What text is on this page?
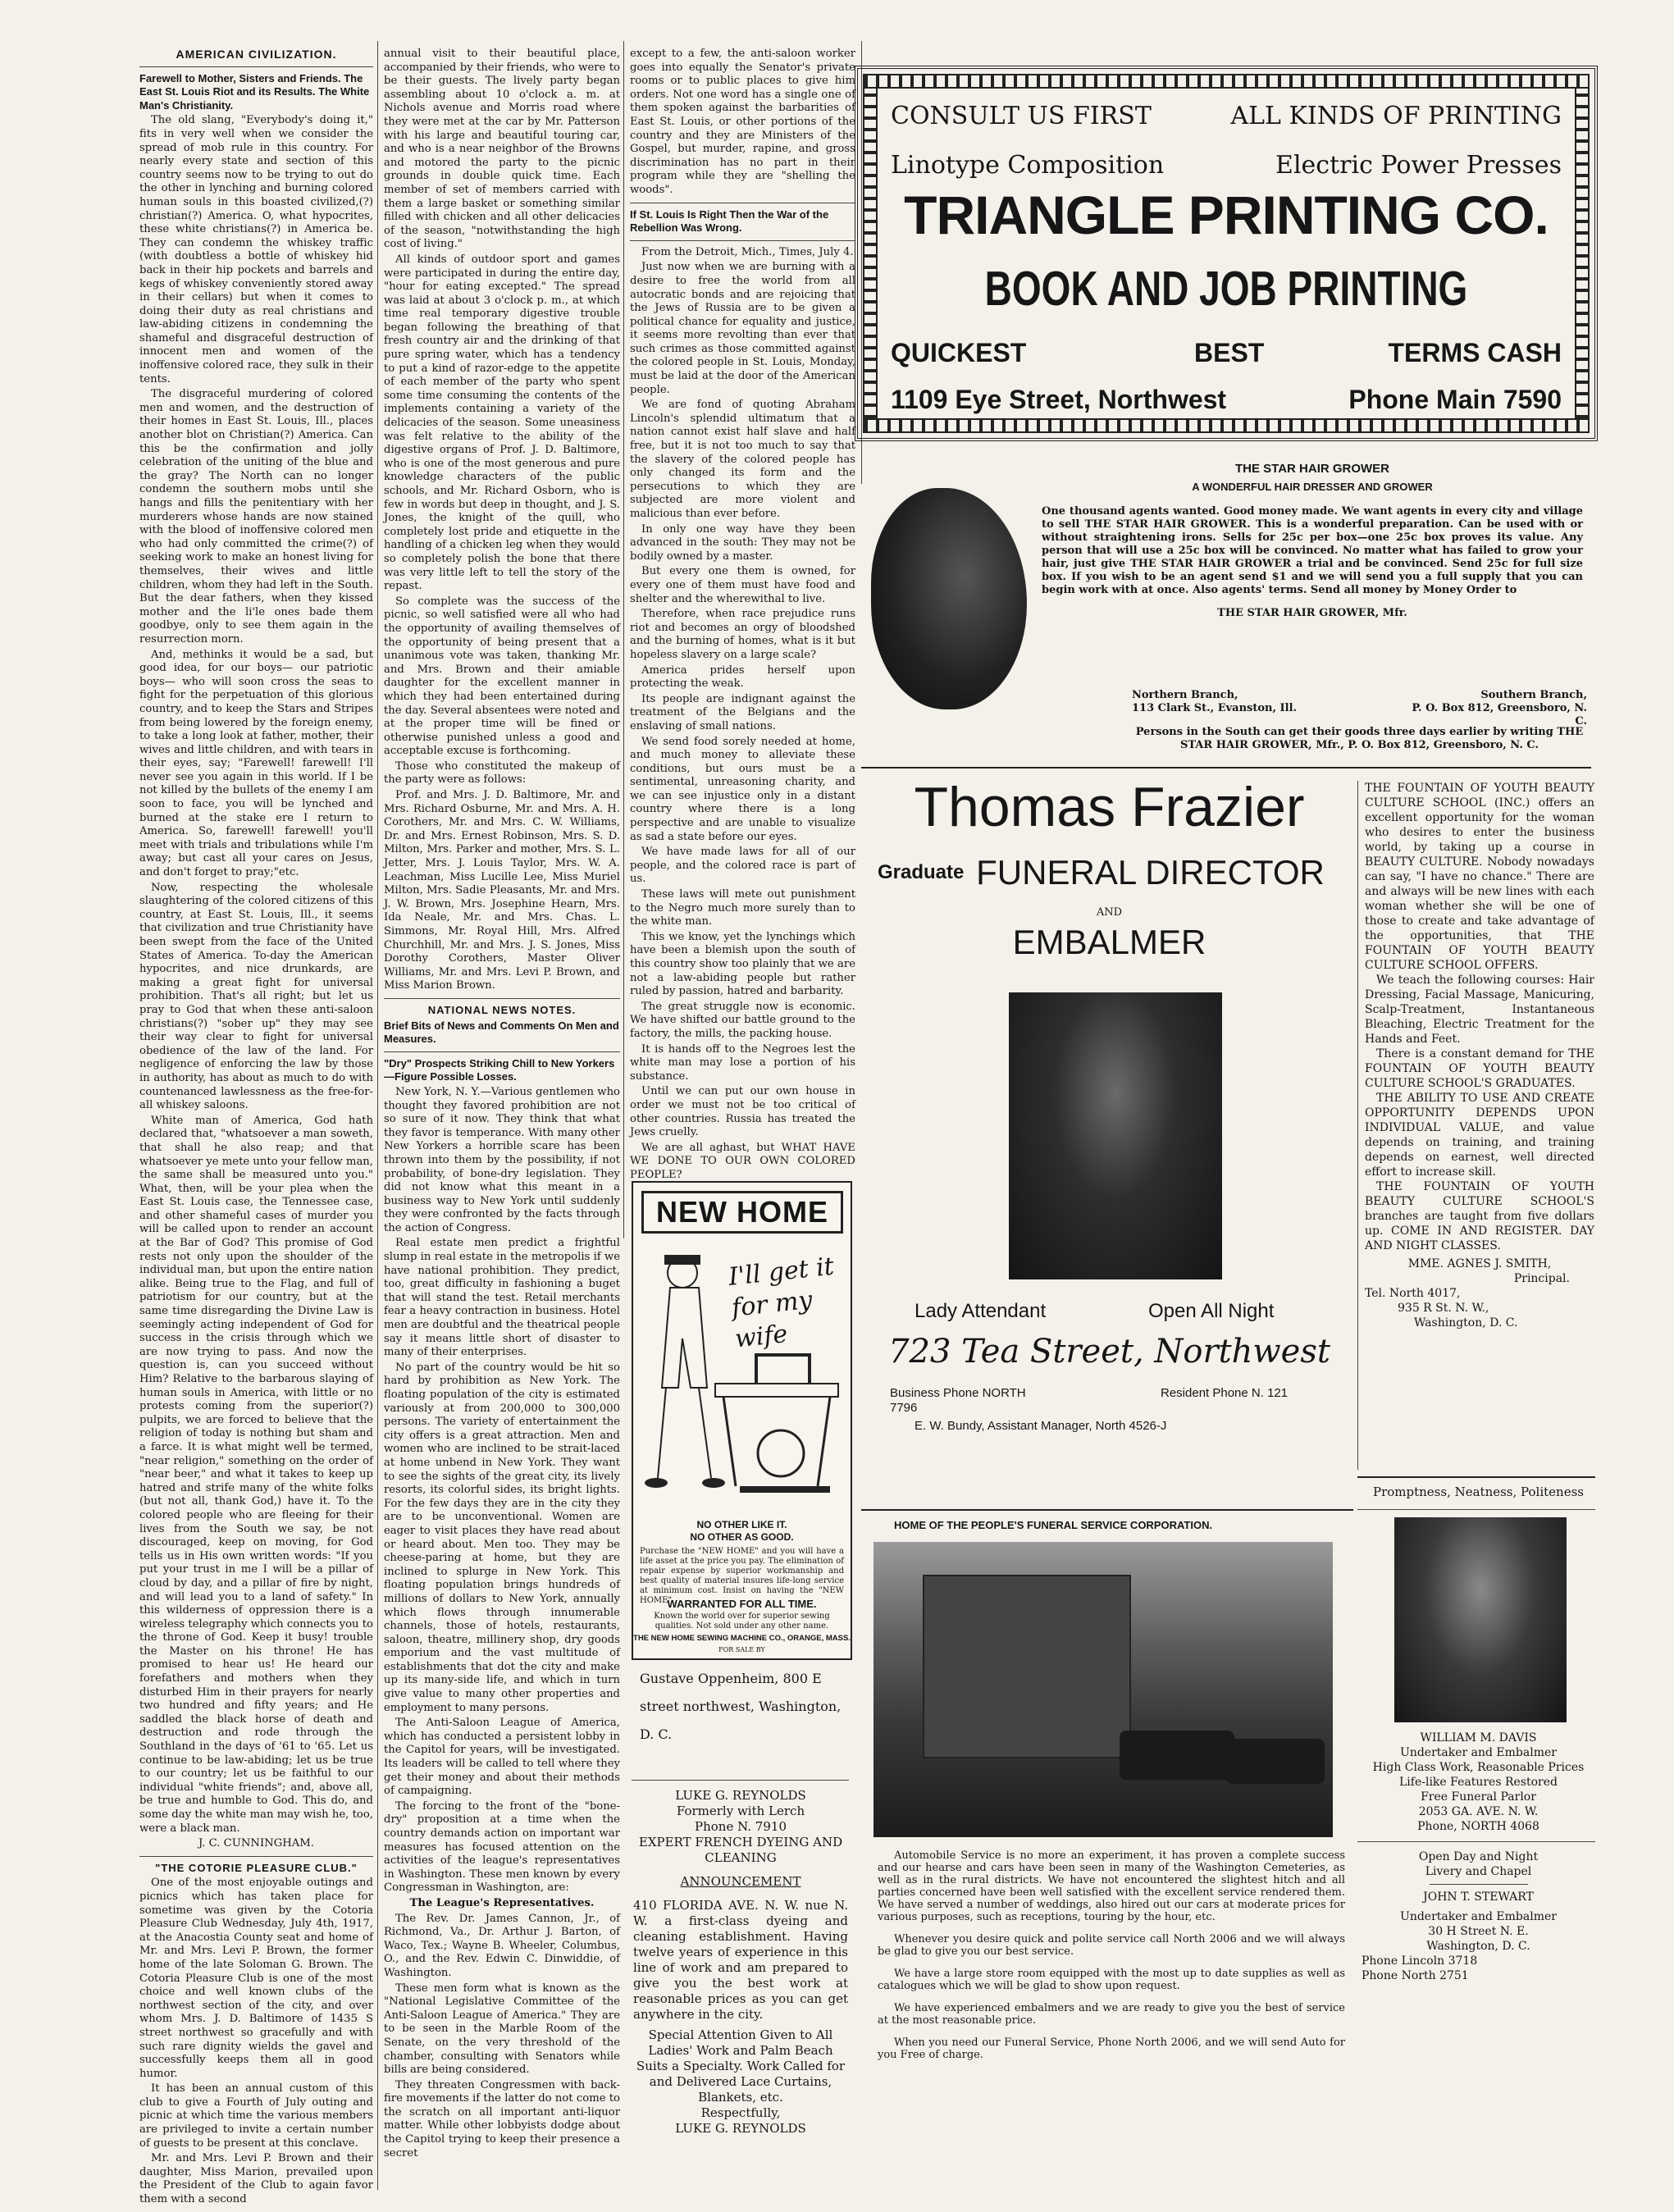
AMERICAN CIVILIZATION.

Farewell to Mother, Sisters and Friends. The East St. Louis Riot and its Results. The White Man's Christianity.

The old slang, "Everybody's doing it," fits in very well when we consider the spread of mob rule in this country. For nearly every state and section of this country seems now to be trying to out do the other in lynching and burning colored human souls in this boasted civilized,(?) christian(?) America. O, what hypocrites, these white christians(?) in America be. They can condemn the whiskey traffic (with doubtless a bottle of whiskey hid back in their hip pockets and barrels and kegs of whiskey conveniently stored away in their cellars) but when it comes to doing their duty as real christians and law-abiding citizens in condemning the shameful and disgraceful destruction of innocent men and women of the inoffensive colored race, they sulk in their tents.

The disgraceful murdering of colored men and women, and the destruction of their homes in East St. Louis, Ill., places another blot on Christian(?) America. Can this be the confirmation and jolly celebration of the uniting of the blue and the gray? The North can no longer condemn the southern mobs until she hangs and fills the penitentiary with her murderers whose hands are now stained with the blood of inoffensive colored men who had only committed the crime(?) of seeking work to make an honest living for themselves, their wives and little children, whom they had left in the South. But the dear fathers, when they kissed mother and the li'le ones bade them goodbye, only to see them again in the resurrection morn.

And, methinks it would be a sad, but good idea, for our boys— our patriotic boys— who will soon cross the seas to fight for the perpetuation of this glorious country, and to keep the Stars and Stripes from being lowered by the foreign enemy, to take a long look at father, mother, their wives and little children, and with tears in their eyes, say; "Farewell! farewell! I'll never see you again in this world. If I be not killed by the bullets of the enemy I am soon to face, you will be lynched and burned at the stake ere I return to America. So, farewell! farewell! you'll meet with trials and tribulations while I'm away; but cast all your cares on Jesus, and don't forget to pray;"etc.

Now, respecting the wholesale slaughtering of the colored citizens of this country, at East St. Louis, Ill., it seems that civilization and true Christianity have been swept from the face of the United States of America. To-day the American hypocrites, and nice drunkards, are making a great fight for universal prohibition. That's all right; but let us pray to God that when these anti-saloon christians(?) "sober up" they may see their way clear to fight for universal obedience of the law of the land. For negligence of enforcing the law by those in authority, has about as much to do with countenanced lawlessness as the free-for-all whiskey saloons.

White man of America, God hath declared that, "whatsoever a man soweth, that shall he also reap; and that whatsoever ye mete unto your fellow man, the same shall be measured unto you." What, then, will be your plea when the East St. Louis case, the Tennessee case, and other shameful cases of murder you will be called upon to render an account at the Bar of God? This promise of God rests not only upon the shoulder of the individual man, but upon the entire nation alike. Being true to the Flag, and full of patriotism for our country, but at the same time disregarding the Divine Law is seemingly acting independent of God for success in the crisis through which we are now trying to pass. And now the question is, can you succeed without Him? Relative to the barbarous slaying of human souls in America, with little or no protests coming from the superior(?) pulpits, we are forced to believe that the religion of today is nothing but sham and a farce. It is what might well be termed, "near religion," something on the order of "near beer," and what it takes to keep up hatred and strife many of the white folks (but not all, thank God,) have it. To the colored people who are fleeing for their lives from the South we say, be not discouraged, keep on moving, for God tells us in His own written words: "If you put your trust in me I will be a pillar of cloud by day, and a pillar of fire by night, and will lead you to a land of safety." In this wilderness of oppression there is a wireless telegraphy which connects you to the throne of God. Keep it busy! trouble the Master on his throne! He has promised to hear us! He heard our forefathers and mothers when they disturbed Him in their prayers for nearly two hundred and fifty years; and He saddled the black horse of death and destruction and rode through the Southland in the days of '61 to '65. Let us continue to be law-abiding; let us be true to our country; let us be faithful to our individual "white friends"; and, above all, be true and humble to God. This do, and some day the white man may wish he, too, were a black man.

J. C. CUNNINGHAM.

"THE COTORIE PLEASURE CLUB."

One of the most enjoyable outings and picnics which has taken place for sometime was given by the Cotoria Pleasure Club Wednesday, July 4th, 1917, at the Anacostia County seat and home of Mr. and Mrs. Levi P. Brown, the former home of the late Soloman G. Brown. The Cotoria Pleasure Club is one of the most choice and well known clubs of the northwest section of the city, and over whom Mrs. J. D. Baltimore of 1435 S street northwest so gracefully and with such rare dignity wields the gavel and successfully keeps them all in good humor.

It has been an annual custom of this club to give a Fourth of July outing and picnic at which time the various members are privileged to invite a certain number of guests to be present at this conclave.

Mr. and Mrs. Levi P. Brown and their daughter, Miss Marion, prevailed upon the President of the Club to again favor them with a second

annual visit to their beautiful place, accompanied by their friends, who were to be their guests. The lively party began assembling about 10 o'clock a. m. at Nichols avenue and Morris road where they were met at the car by Mr. Patterson with his large and beautiful touring car, and who is a near neighbor of the Browns and motored the party to the picnic grounds in double quick time. Each member of set of members carried with them a large basket or something similar filled with chicken and all other delicacies of the season, "notwithstanding the high cost of living."

All kinds of outdoor sport and games were participated in during the entire day, "hour for eating excepted." The spread was laid at about 3 o'clock p. m., at which time real temporary digestive trouble began following the breathing of that fresh country air and the drinking of that pure spring water, which has a tendency to put a kind of razor-edge to the appetite of each member of the party who spent some time consuming the contents of the implements containing a variety of the delicacies of the season. Some uneasiness was felt relative to the ability of the digestive organs of Prof. J. D. Baltimore, who is one of the most generous and pure knowledge characters of the public schools, and Mr. Richard Osborn, who is few in words but deep in thought, and J. S. Jones, the knight of the quill, who completely lost pride and etiquette in the handling of a chicken leg when they would so completely polish the bone that there was very little left to tell the story of the repast.

So complete was the success of the picnic, so well satisfied were all who had the opportunity of availing themselves of the opportunity of being present that a unanimous vote was taken, thanking Mr. and Mrs. Brown and their amiable daughter for the excellent manner in which they had been entertained during the day. Several absentees were noted and at the proper time will be fined or otherwise punished unless a good and acceptable excuse is forthcoming.

Those who constituted the makeup of the party were as follows:

Prof. and Mrs. J. D. Baltimore, Mr. and Mrs. Richard Osburne, Mr. and Mrs. A. H. Corothers, Mr. and Mrs. C. W. Williams, Dr. and Mrs. Ernest Robinson, Mrs. S. D. Milton, Mrs. Parker and mother, Mrs. S. L. Jetter, Mrs. J. Louis Taylor, Mrs. W. A. Leachman, Miss Lucille Lee, Miss Muriel Milton, Mrs. Sadie Pleasants, Mr. and Mrs. J. W. Brown, Mrs. Josephine Hearn, Mrs. Ida Neale, Mr. and Mrs. Chas. L. Simmons, Mr. Royal Hill, Mrs. Alfred Churchhill, Mr. and Mrs. J. S. Jones, Miss Dorothy Corothers, Master Oliver Williams, Mr. and Mrs. Levi P. Brown, and Miss Marion Brown.

NATIONAL NEWS NOTES.

Brief Bits of News and Comments On Men and Measures.

"Dry" Prospects Striking Chill to New Yorkers—Figure Possible Losses.

New York, N. Y.—Various gentlemen who thought they favored prohibition are not so sure of it now. They think that what they favor is temperance. With many other New Yorkers a horrible scare has been thrown into them by the possibility, if not probability, of bone-dry legislation. They did not know what this meant in a business way to New York until suddenly they were confronted by the facts through the action of Congress.

Real estate men predict a frightful slump in real estate in the metropolis if we have national prohibition. They predict, too, great difficulty in fashioning a buget that will stand the test. Retail merchants fear a heavy contraction in business. Hotel men are doubtful and the theatrical people say it means little short of disaster to many of their enterprises.

No part of the country would be hit so hard by prohibition as New York. The floating population of the city is estimated variously at from 200,000 to 300,000 persons. The variety of entertainment the city offers is a great attraction. Men and women who are inclined to be strait-laced at home unbend in New York. They want to see the sights of the great city, its lively resorts, its colorful sides, its bright lights. For the few days they are in the city they are to be unconventional. Women are eager to visit places they have read about or heard about. Men too. They may be cheese-paring at home, but they are inclined to splurge in New York. This floating population brings hundreds of millions of dollars to New York, annually which flows through innumerable channels, those of hotels, restaurants, saloon, theatre, millinery shop, dry goods emporium and the vast multitude of establishments that dot the city and make up its many-side life, and which in turn give value to many other properties and employment to many persons.

The Anti-Saloon League of America, which has conducted a persistent lobby in the Capitol for years, will be investigated. Its leaders will be called to tell where they get their money and about their methods of campaigning.

The forcing to the front of the "bone-dry" proposition at a time when the country demands action on important war measures has focused attention on the activities of the league's representatives in Washington. These men known by every Congressman in Washington, are:

The League's Representatives.

The Rev. Dr. James Cannon, Jr., of Richmond, Va., Dr. Arthur J. Barton, of Waco, Tex.; Wayne B. Wheeler, Columbus, O., and the Rev. Edwin C. Dinwiddie, of Washington.

These men form what is known as the "National Legislative Committee of the Anti-Saloon League of America." They are to be seen in the Marble Room of the Senate, on the very threshold of the chamber, consulting with Senators while bills are being considered.

They threaten Congressmen with back-fire movements if the latter do not come to the scratch on all important anti-liquor matter. While other lobbyists dodge about the Capitol trying to keep their presence a secret

except to a few, the anti-saloon worker goes into equally the Senator's private rooms or to public places to give him orders. Not one word has a single one of them spoken against the barbarities of East St. Louis, or other portions of the country and they are Ministers of the Gospel, but murder, rapine, and gross discrimination has no part in their program while they are "shelling the woods".

If St. Louis Is Right Then the War of the Rebellion Was Wrong.

From the Detroit, Mich., Times, July 4.

Just now when we are burning with a desire to free the world from all autocratic bonds and are rejoicing that the Jews of Russia are to be given a political chance for equality and justice, it seems more revolting than ever that such crimes as those committed against the colored people in St. Louis, Monday, must be laid at the door of the American people.

We are fond of quoting Abraham Lincoln's splendid ultimatum that a nation cannot exist half slave and half free, but it is not too much to say that the slavery of the colored people has only changed its form and the persecutions to which they are subjected are more violent and malicious than ever before.

In only one way have they been advanced in the south: They may not be bodily owned by a master.

But every one them is owned, for every one of them must have food and shelter and the wherewithal to live.

Therefore, when race prejudice runs riot and becomes an orgy of bloodshed and the burning of homes, what is it but hopeless slavery on a large scale?

America prides herself upon protecting the weak.

Its people are indignant against the treatment of the Belgians and the enslaving of small nations.

We send food sorely needed at home, and much money to alleviate these conditions, but ours must be a sentimental, unreasoning charity, and we can see injustice only in a distant country where there is a long perspective and are unable to visualize as sad a state before our eyes.

We have made laws for all of our people, and the colored race is part of us.

These laws will mete out punishment to the Negro much more surely than to the white man.

This we know, yet the lynchings which have been a blemish upon the south of this country show too plainly that we are not a law-abiding people but rather ruled by passion, hatred and barbarity.

The great struggle now is economic. We have shifted our battle ground to the factory, the mills, the packing house.

It is hands off to the Negroes lest the white man may lose a portion of his substance.

Until we can put our own house in order we must not be too critical of other countries. Russia has treated the Jews cruelly.

We are all aghast, but WHAT HAVE WE DONE TO OUR OWN COLORED PEOPLE?

NEW HOME
I'll get it for my wife
NO OTHER LIKE IT.
NO OTHER AS GOOD.
Purchase the "NEW HOME" and you will have a life asset at the price you pay. The elimination of repair expense by superior workmanship and best quality of material insures life-long service at minimum cost. Insist on having the "NEW HOME".
WARRANTED FOR ALL TIME.
Known the world over for superior sewing qualities. Not sold under any other name.
THE NEW HOME SEWING MACHINE CO., ORANGE, MASS.
FOR SALE BY
Gustave Oppenheim, 800 E street northwest, Washington, D. C.
LUKE G. REYNOLDS
Formerly with Lerch
Phone N. 7910
EXPERT FRENCH DYEING AND CLEANING
ANNOUNCEMENT
410 FLORIDA AVE. N. W. nue N. W. a first-class dyeing and cleaning establishment. Having twelve years of experience in this line of work and am prepared to give you the best work at reasonable prices as you can get anywhere in the city.
Special Attention Given to All Ladies' Work and Palm Beach Suits a Specialty. Work Called for and Delivered Lace Curtains, Blankets, etc.
Respectfully,
LUKE G. REYNOLDS
CONSULT US FIRST	ALL KINDS OF PRINTING
Linotype Composition	Electric Power Presses
TRIANGLE PRINTING CO.
BOOK AND JOB PRINTING
QUICKEST	BEST	TERMS CASH
1109 Eye Street, Northwest	Phone Main 7590
THE STAR HAIR GROWER
A WONDERFUL HAIR DRESSER AND GROWER
One thousand agents wanted. Good money made. We want agents in every city and village to sell THE STAR HAIR GROWER. This is a wonderful preparation. Can be used with or without straightening irons. Sells for 25c per box—one 25c box proves its value. Any person that will use a 25c box will be convinced. No matter what has failed to grow your hair, just give THE STAR HAIR GROWER a trial and be convinced. Send 25c for full size box. If you wish to be an agent send $1 and we will send you a full supply that you can begin work with at once. Also agents' terms. Send all money by Money Order to
THE STAR HAIR GROWER, Mfr.
Northern Branch,
113 Clark St., Evanston, Ill.
Southern Branch,
P. O. Box 812, Greensboro, N. C.
Persons in the South can get their goods three days earlier by writing THE STAR HAIR GROWER, Mfr., P. O. Box 812, Greensboro, N. C.
Thomas Frazier
Graduate FUNERAL DIRECTOR
AND
EMBALMER
Lady Attendant	Open All Night
723 Tea Street, Northwest
Business Phone NORTH 7796
Resident Phone N. 121
E. W. Bundy, Assistant Manager, North 4526-J
THE FOUNTAIN OF YOUTH BEAUTY CULTURE SCHOOL (INC.) offers an excellent opportunity for the woman who desires to enter the business world, by taking up a course in BEAUTY CULTURE. Nobody nowadays can say, "I have no chance." There are and always will be new lines with each woman whether she will be one of those to create and take advantage of the opportunities, that THE FOUNTAIN OF YOUTH BEAUTY CULTURE SCHOOL OFFERS.
We teach the following courses: Hair Dressing, Facial Massage, Manicuring, Scalp-Treatment, Instantaneous Bleaching, Electric Treatment for the Hands and Feet.
There is a constant demand for THE FOUNTAIN OF YOUTH BEAUTY CULTURE SCHOOL'S GRADUATES.
THE ABILITY TO USE AND CREATE OPPORTUNITY DEPENDS UPON INDIVIDUAL VALUE, and value depends on training, and training depends on earnest, well directed effort to increase skill.
THE FOUNTAIN OF YOUTH BEAUTY CULTURE SCHOOL'S branches are taught from five dollars up. COME IN AND REGISTER. DAY AND NIGHT CLASSES.
MME. AGNES J. SMITH,
Principal.
Tel. North 4017,
935 R St. N. W.,
Washington, D. C.
HOME OF THE PEOPLE'S FUNERAL SERVICE CORPORATION.

Automobile Service is no more an experiment, it has proven a complete success and our hearse and cars have been seen in many of the Washington Cemeteries, as well as in the rural districts. We have not encountered the slightest hitch and all parties concerned have been well satisfied with the excellent service rendered them. We have served a number of weddings, also hired out our cars at moderate prices for various purposes, such as receptions, touring by the hour, etc.

Whenever you desire quick and polite service call North 2006 and we will always be glad to give you our best service.

We have a large store room equipped with the most up to date supplies as well as catalogues which we will be glad to show upon request.

We have experienced embalmers and we are ready to give you the best of service at the most reasonable price.

When you need our Funeral Service, Phone North 2006, and we will send Auto for you Free of charge.

Promptness, Neatness, Politeness
WILLIAM M. DAVIS
Undertaker and Embalmer
High Class Work, Reasonable Prices
Life-like Features Restored
Free Funeral Parlor
2053 GA. AVE. N. W.
Phone, NORTH 4068
Open Day and Night
Livery and Chapel
JOHN T. STEWART
Undertaker and Embalmer
30 H Street N. E.
Washington, D. C.
Phone Lincoln 3718
Phone North 2751
